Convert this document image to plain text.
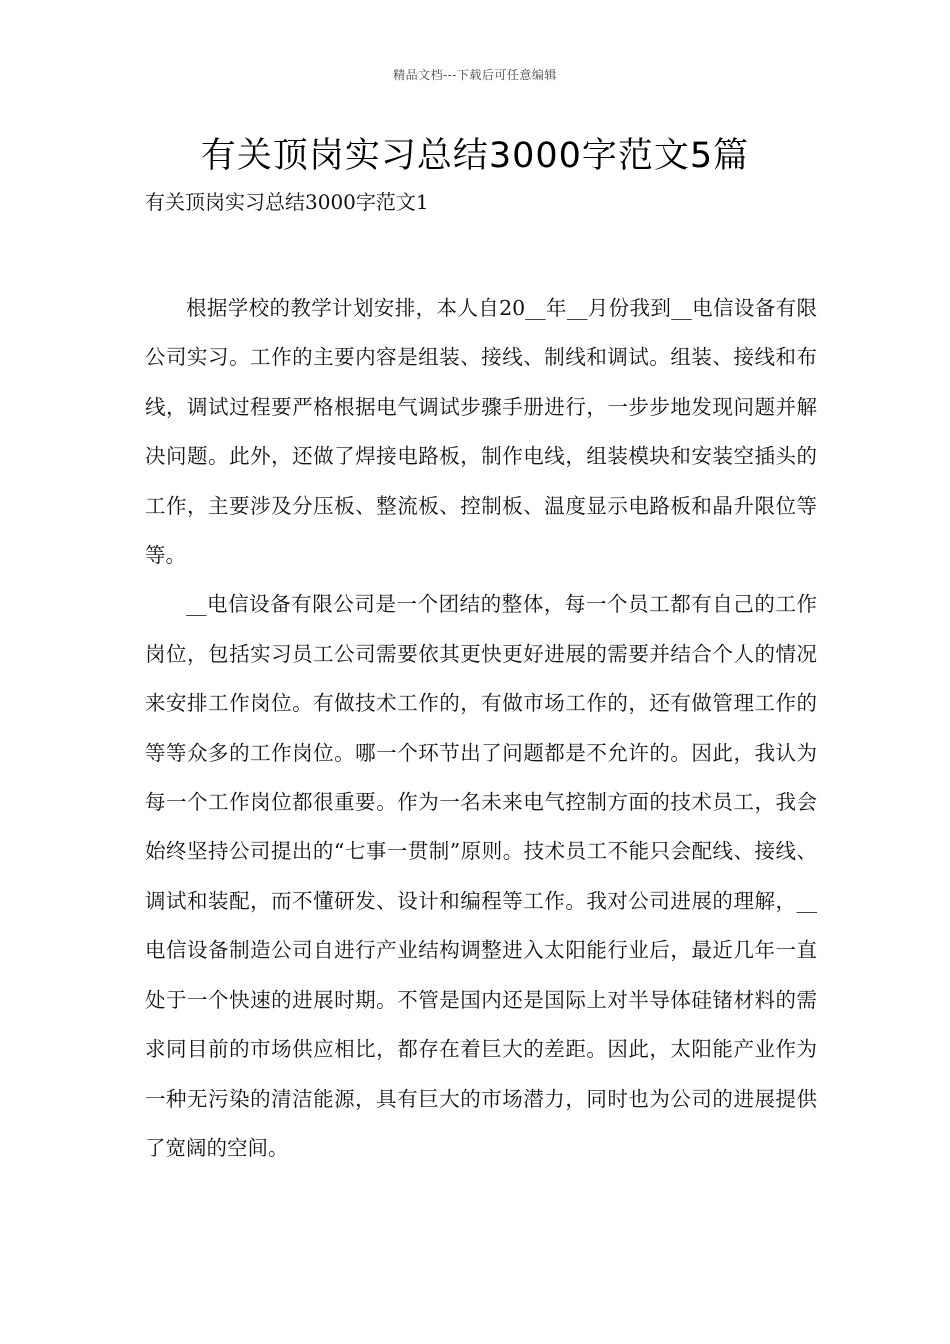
精品文档---下载后可任意编辑
有关顶岗实习总结3000字范文5篇
有关顶岗实习总结3000字范文1

根据学校的教学计划安排，本人自20__年__月份我到__电信设备有限公司实习。工作的主要内容是组装、接线、制线和调试。组装、接线和布线，调试过程要严格根据电气调试步骤手册进行，一步步地发现问题并解决问题。此外，还做了焊接电路板，制作电线，组装模块和安装空插头的工作，主要涉及分压板、整流板、控制板、温度显示电路板和晶升限位等等。

__电信设备有限公司是一个团结的整体，每一个员工都有自己的工作岗位，包括实习员工公司需要依其更快更好进展的需要并结合个人的情况来安排工作岗位。有做技术工作的，有做市场工作的，还有做管理工作的等等众多的工作岗位。哪一个环节出了问题都是不允许的。因此，我认为每一个工作岗位都很重要。作为一名未来电气控制方面的技术员工，我会始终坚持公司提出的“七事一贯制”原则。技术员工不能只会配线、接线、调试和装配，而不懂研发、设计和编程等工作。我对公司进展的理解，__电信设备制造公司自进行产业结构调整进入太阳能行业后，最近几年一直处于一个快速的进展时期。不管是国内还是国际上对半导体硅锗材料的需求同目前的市场供应相比，都存在着巨大的差距。因此，太阳能产业作为一种无污染的清洁能源，具有巨大的市场潜力，同时也为公司的进展提供了宽阔的空间。
